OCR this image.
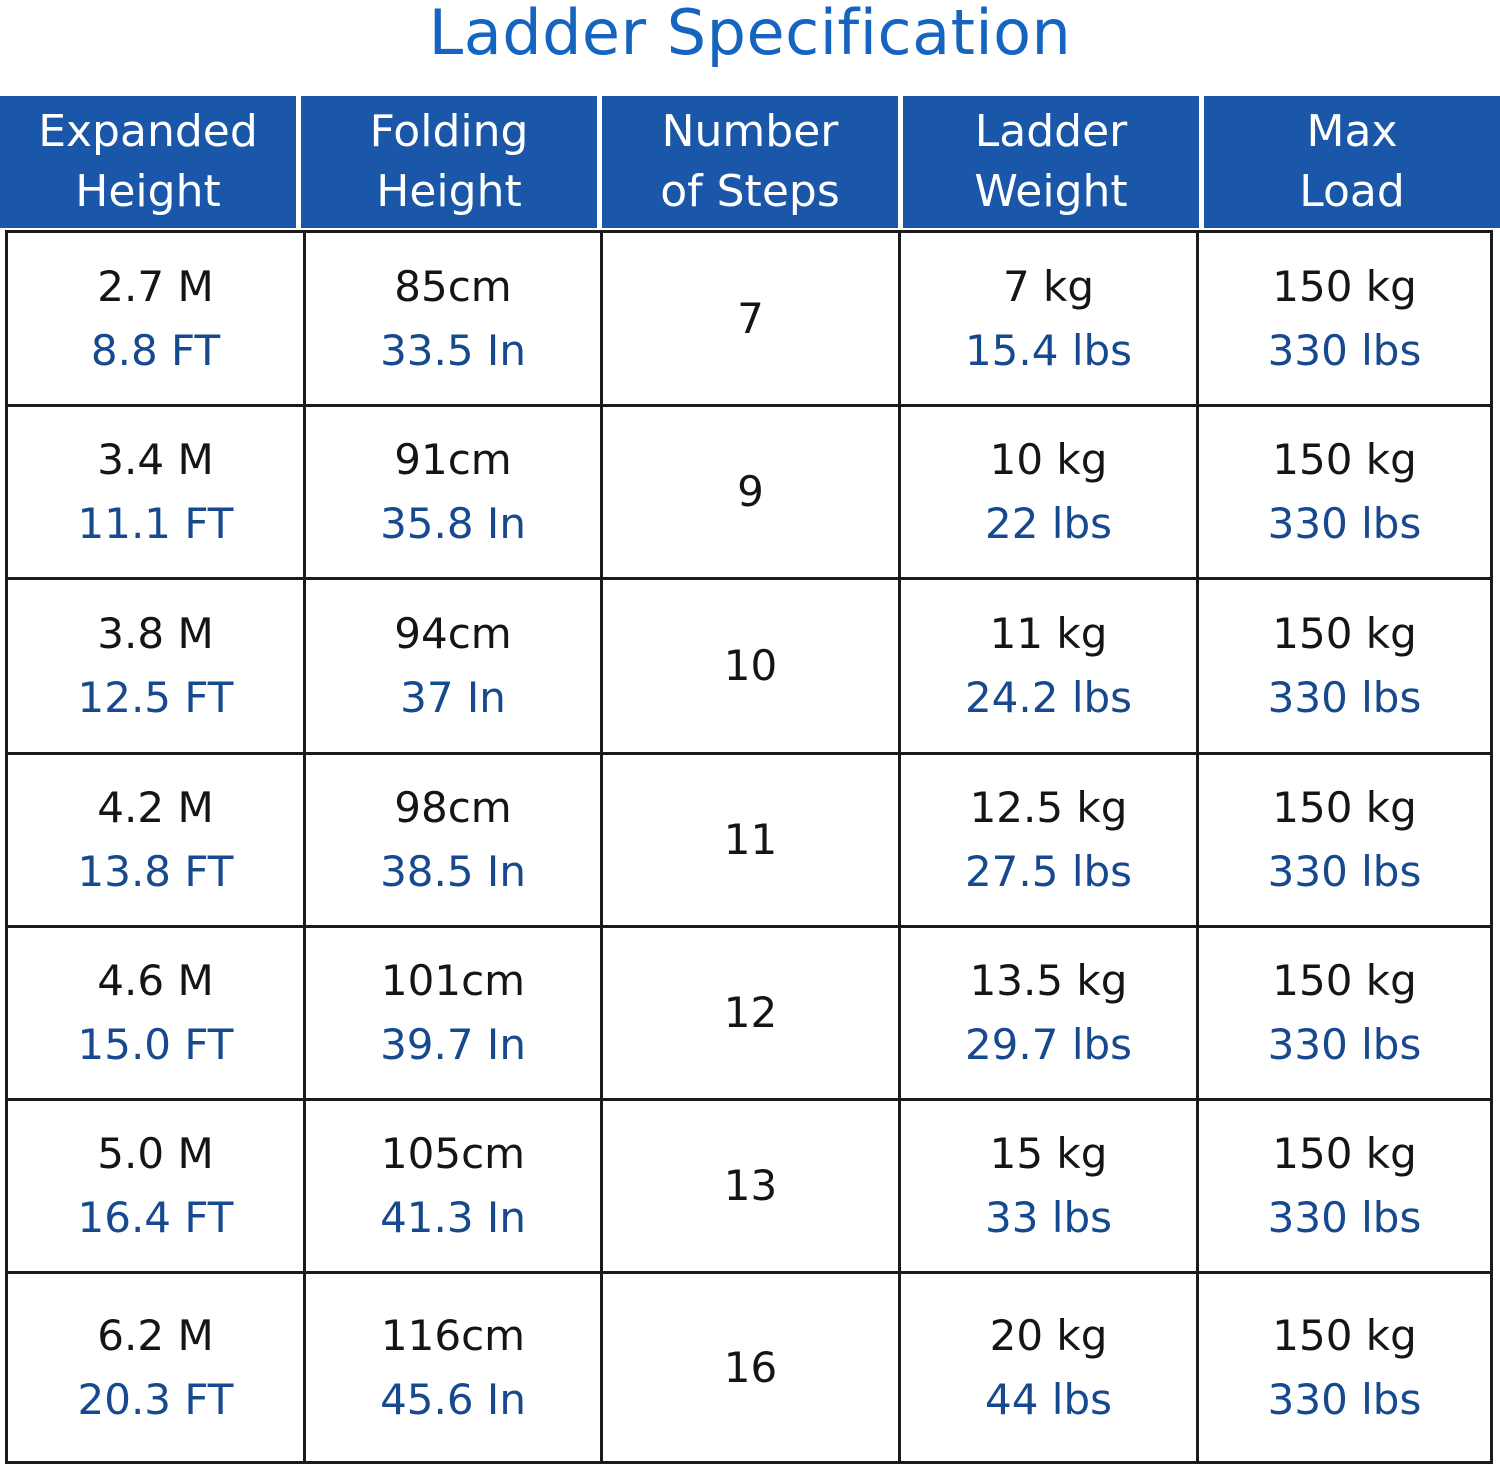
Ladder Specification
Expanded
Height
Folding
Height
Number
of Steps
Ladder
Weight
Max
Load
2.7 M
8.8 FT
85cm
33.5 In
7
7 kg
15.4 lbs
150 kg
330 lbs
3.4 M
11.1 FT
91cm
35.8 In
9
10 kg
22 lbs
150 kg
330 lbs
3.8 M
12.5 FT
94cm
37 In
10
11 kg
24.2 lbs
150 kg
330 lbs
4.2 M
13.8 FT
98cm
38.5 In
11
12.5 kg
27.5 lbs
150 kg
330 lbs
4.6 M
15.0 FT
101cm
39.7 In
12
13.5 kg
29.7 lbs
150 kg
330 lbs
5.0 M
16.4 FT
105cm
41.3 In
13
15 kg
33 lbs
150 kg
330 lbs
6.2 M
20.3 FT
116cm
45.6 In
16
20 kg
44 lbs
150 kg
330 lbs
